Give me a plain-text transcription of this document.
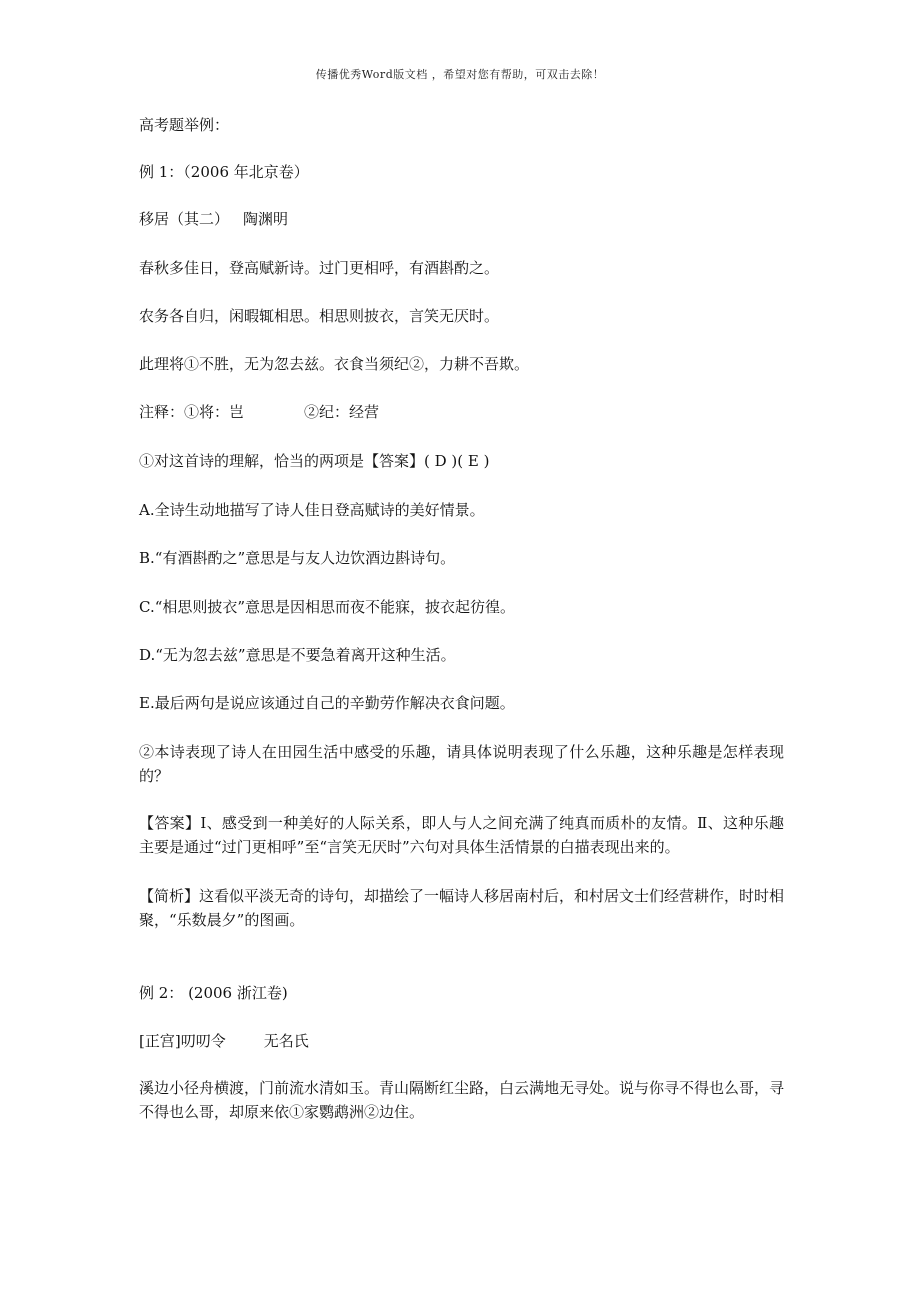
传播优秀Word版文档 ，希望对您有帮助，可双击去除！
高考题举例：
例 1：（2006 年北京卷）
移居（其二） 陶渊明
春秋多佳日，登高赋新诗。过门更相呼，有酒斟酌之。
农务各自归，闲暇辄相思。相思则披衣，言笑无厌时。
此理将①不胜，无为忽去兹。衣食当须纪②，力耕不吾欺。
注释：①将：岂	②纪：经营
①对这首诗的理解，恰当的两项是【答案】( D )( E )
A.全诗生动地描写了诗人佳日登高赋诗的美好情景。
B.“有酒斟酌之”意思是与友人边饮酒边斟诗句。
C.“相思则披衣”意思是因相思而夜不能寐，披衣起彷徨。
D.“无为忽去兹”意思是不要急着离开这种生活。
E.最后两句是说应该通过自己的辛勤劳作解决衣食问题。
②本诗表现了诗人在田园生活中感受的乐趣，请具体说明表现了什么乐趣，这种乐趣是怎样表现的？
【答案】Ⅰ、感受到一种美好的人际关系，即人与人之间充满了纯真而质朴的友情。Ⅱ、这种乐趣主要是通过“过门更相呼”至“言笑无厌时”六句对具体生活情景的白描表现出来的。
【简析】这看似平淡无奇的诗句，却描绘了一幅诗人移居南村后，和村居文士们经营耕作，时时相聚，“乐数晨夕”的图画。
例 2： (2006 浙江卷)
[正宫]叨叨令	无名氏
溪边小径舟横渡，门前流水清如玉。青山隔断红尘路，白云满地无寻处。说与你寻不得也么哥，寻不得也么哥，却原来依①家鹦鹉洲②边住。
